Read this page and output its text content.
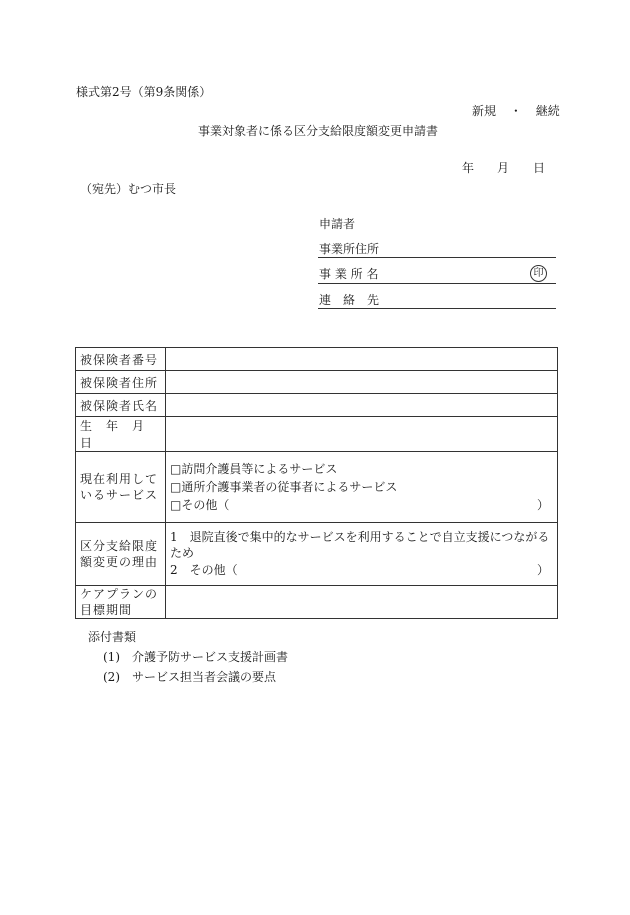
様式第2号（第9条関係）
新規 ・ 継続
事業対象者に係る区分支給限度額変更申請書
年 月 日
（宛先）むつ市長
申請者
事業所住所
事 業 所 名	印
連　絡　先
被保険者番号	
被保険者住所	
被保険者氏名	
生　年　月　日	
現在利用しているサービス	□訪問介護員等によるサービス
□通所介護事業者の従事者によるサービス
□その他（ ）

区分支給限度額変更の理由	1　退院直後で集中的なサービスを利用することで自立支援につながるため
2　その他（ ）

ケアプランの目標期間	
添付書類
(1)　介護予防サービス支援計画書
(2)　サービス担当者会議の要点
